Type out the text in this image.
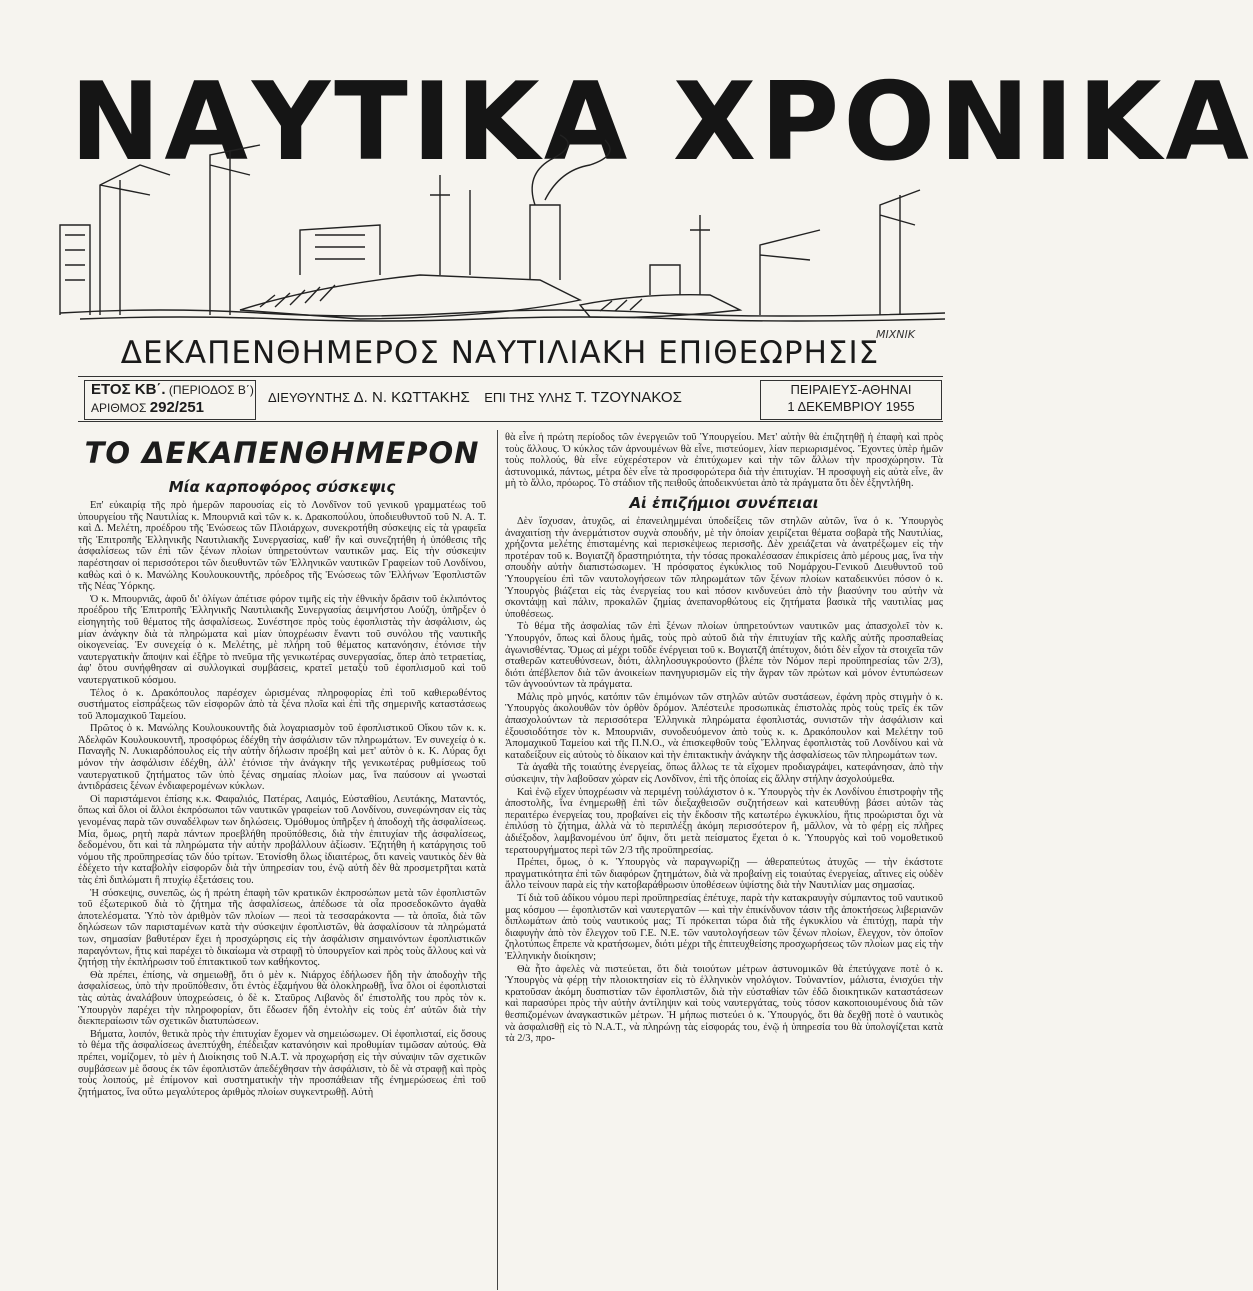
ΝΑΥΤΙΚΑ ΧΡΟΝΙΚΑ
ΜΙΧΝΙΚ
ΔΕΚΑΠΕΝΘΗΜΕΡΟΣ ΝΑΥΤΙΛΙΑΚΗ ΕΠΙΘΕΩΡΗΣΙΣ
ΕΤΟΣ ΚΒ΄. (ΠΕΡΙΟΔΟΣ Β΄)
ΑΡΙΘΜΟΣ 292/251
ΔΙΕΥΘΥΝΤΗΣ Δ. Ν. ΚΩΤΤΑΚΗΣ ΕΠΙ ΤΗΣ ΥΛΗΣ Τ. ΤΖΟΥΝΑΚΟΣ	ΠΕΙΡΑΙΕΥΣ-ΑΘΗΝΑΙ
1 ΔΕΚΕΜΒΡΙΟΥ 1955
ΤΟ ΔΕΚΑΠΕΝΘΗΜΕΡΟΝ
Μία καρποφόρος σύσκεψις

Επ' εὐκαιρίᾳ τῆς πρὸ ἡμερῶν παρουσίας εἰς τὸ Λονδῖνον τοῦ γενικοῦ γραμματέως τοῦ ὑπουργείου τῆς Ναυτιλίας κ. Μπουρνιᾶ καὶ τῶν κ. κ. Δρακοπούλου, ὑποδιευθυντοῦ τοῦ Ν. Α. Τ. καὶ Δ. Μελέτη, προέδρου τῆς Ἑνώσεως τῶν Πλοιάρχων, συνεκροτήθη σύσκεψις εἰς τὰ γραφεῖα τῆς Ἐπιτροπῆς Ἑλληνικῆς Ναυτιλιακῆς Συνεργασίας, καθ' ἣν καὶ συνεζητήθη ἡ ὑπόθεσις τῆς ἀσφαλίσεως τῶν ἐπὶ τῶν ξένων πλοίων ὑπηρετούντων ναυτικῶν μας. Εἰς τὴν σύσκεψιν παρέστησαν οἱ περισσότεροι τῶν διευθυντῶν τῶν Ἑλληνικῶν ναυτικῶν Γραφείων τοῦ Λονδίνου, καθὼς καὶ ὁ κ. Μανώλης Κουλουκουντῆς, πρόεδρος τῆς Ἑνώσεως τῶν Ἑλλήνων Ἐφοπλιστῶν τῆς Νέας Ὑόρκης.

Ὁ κ. Μπουρνιᾶς, ἀφοῦ δι' ὀλίγων ἀπέτισε φόρον τιμῆς εἰς τὴν ἐθνικὴν δρᾶσιν τοῦ ἐκλιπόντος προέδρου τῆς Ἐπιτροπῆς Ἑλληνικῆς Ναυτιλιακῆς Συνεργασίας ἀειμνήστου Λούζη, ὑπῆρξεν ὁ εἰσηγητὴς τοῦ θέματος τῆς ἀσφαλίσεως. Συνέστησε πρὸς τοὺς ἐφοπλιστὰς τὴν ἀσφάλισιν, ὡς μίαν ἀνάγκην διὰ τὰ πληρώματα καὶ μίαν ὑποχρέωσιν ἔναντι τοῦ συνόλου τῆς ναυτικῆς οἰκογενείας. Ἐν συνεχείᾳ ὁ κ. Μελέτης, μὲ πλήρη τοῦ θέματος κατανόησιν, ἐτόνισε τὴν ναυτεργατικὴν ἄποψιν καὶ ἐξῆρε τὸ πνεῦμα τῆς γενικωτέρας συνεργασίας, ὅπερ ἀπὸ τετραετίας, ἀφ' ὅτου συνήφθησαν αἱ συλλογικαὶ συμβάσεις, κρατεῖ μεταξὺ τοῦ ἐφοπλισμοῦ καὶ τοῦ ναυτεργατικοῦ κόσμου.

Τέλος ὁ κ. Δρακόπουλος παρέσχεν ὡρισμένας πληροφορίας ἐπὶ τοῦ καθιερωθέντος συστήματος εἰσπράξεως τῶν εἰσφορῶν ἀπὸ τὰ ξένα πλοῖα καὶ ἐπὶ τῆς σημερινῆς καταστάσεως τοῦ Ἀπομαχικοῦ Ταμείου.

Πρῶτος ὁ κ. Μανώλης Κουλουκουντῆς διὰ λογαριασμὸν τοῦ ἐφοπλιστικοῦ Οἴκου τῶν κ. κ. Ἀδελφῶν Κουλουκουντῆ, προσφόρως ἐδέχθη τὴν ἀσφάλισιν τῶν πληρωμάτων. Ἐν συνεχείᾳ ὁ κ. Παναγῆς Ν. Λυκιαρδόπουλος εἰς τὴν αὐτὴν δήλωσιν προέβη καὶ μετ' αὐτὸν ὁ κ. Κ. Λύρας ὄχι μόνον τὴν ἀσφάλισιν ἐδέχθη, ἀλλ' ἐτόνισε τὴν ἀνάγκην τῆς γενικωτέρας ρυθμίσεως τοῦ ναυτεργατικοῦ ζητήματος τῶν ὑπὸ ξένας σημαίας πλοίων μας, ἵνα παύσουν αἱ γνωσταὶ ἀντιδράσεις ξένων ἐνδιαφερομένων κύκλων.

Οἱ παριστάμενοι ἐπίσης κ.κ. Φαφαλιός, Πατέρας, Λαιμός, Εὐσταθίου, Λευτάκης, Ματαντός, ὅπως καὶ ὅλοι οἱ ἄλλοι ἐκπρόσωποι τῶν ναυτικῶν γραφείων τοῦ Λονδίνου, συνεφώνησαν εἰς τὰς γενομένας παρὰ τῶν συναδέλφων των δηλώσεις. Ὁμόθυμος ὑπῆρξεν ἡ ἀποδοχὴ τῆς ἀσφαλίσεως. Μία, ὅμως, ρητὴ παρὰ πάντων προεβλήθη προϋπόθεσις, διὰ τὴν ἐπιτυχίαν τῆς ἀσφαλίσεως, δεδομένου, ὅτι καὶ τὰ πληρώματα τὴν αὐτὴν προβάλλουν ἀξίωσιν. Ἐζητήθη ἡ κατάργησις τοῦ νόμου τῆς προϋπηρεσίας τῶν δύο τρίτων. Ἐτονίσθη ὅλως ἰδιαιτέρως, ὅτι κανεὶς ναυτικὸς δὲν θὰ ἐδέχετο τὴν καταβολὴν εἰσφορῶν διὰ τὴν ὑπηρεσίαν του, ἐνῷ αὐτὴ δὲν θὰ προσμετρῆται κατὰ τὰς ἐπὶ διπλώματι ἢ πτυχίῳ ἐξετάσεις του.

Ἡ σύσκεψις, συνεπῶς, ὡς ἡ πρώτη ἐπαφὴ τῶν κρατικῶν ἐκπροσώπων μετὰ τῶν ἐφοπλιστῶν τοῦ ἐξωτερικοῦ διὰ τὸ ζήτημα τῆς ἀσφαλίσεως, ἀπέδωσε τὰ οἷα προσεδοκῶντο ἀγαθὰ ἀποτελέσματα. Ὑπὸ τὸν ἀριθμὸν τῶν πλοίων — πεοὶ τὰ τεσσαράκοντα — τὰ ὁποῖα, διὰ τῶν δηλώσεων τῶν παρισταμένων κατὰ τὴν σύσκεψιν ἐφοπλιστῶν, θὰ ἀσφαλίσουν τὰ πληρώματά των, σημασίαν βαθυτέραν ἔχει ἡ προσχώρησις εἰς τὴν ἀσφάλισιν σημαινόντων ἐφοπλιστικῶν παραγόντων, ἥτις καὶ παρέχει τὸ δικαίωμα νὰ στραφῇ τὸ ὑπουργεῖον καὶ πρὸς τοὺς ἄλλους καὶ νὰ ζητήσῃ τὴν ἐκπλήρωσιν τοῦ ἐπιτακτικοῦ των καθήκοντος.

Θὰ πρέπει, ἐπίσης, νὰ σημειωθῇ, ὅτι ὁ μὲν κ. Νιάρχος ἐδήλωσεν ἤδη τὴν ἀποδοχὴν τῆς ἀσφαλίσεως, ὑπὸ τὴν προϋπόθεσιν, ὅτι ἐντὸς ἑξαμήνου θὰ ὁλοκληρωθῇ, ἵνα ὅλοι οἱ ἐφοπλισταὶ τὰς αὐτὰς ἀναλάβουν ὑποχρεώσεις, ὁ δὲ κ. Σταῦρος Λιβανὸς δι' ἐπιστολῆς του πρὸς τὸν κ. Ὑπουργὸν παρέχει τὴν πληροφορίαν, ὅτι ἔδωσεν ἤδη ἐντολὴν εἰς τοὺς ἐπ' αὐτῶν διὰ τὴν διεκπεραίωσιν τῶν σχετικῶν διατυπώσεων.

Βήματα, λοιπόν, θετικὰ πρὸς τὴν ἐπιτυχίαν ἔχομεν νὰ σημειώσωμεν. Οἱ ἐφοπλισταί, εἰς ὅσους τὸ θέμα τῆς ἀσφαλίσεως ἀνεπτύχθη, ἐπέδειξαν κατανόησιν καὶ προθυμίαν τιμῶσαν αὐτούς. Θὰ πρέπει, νομίζομεν, τὸ μὲν ἡ Διοίκησις τοῦ Ν.Α.Τ. νὰ προχωρήσῃ εἰς τὴν σύναψιν τῶν σχετικῶν συμβάσεων μὲ ὅσους ἐκ τῶν ἐφοπλιστῶν ἀπεδέχθησαν τὴν ἀσφάλισιν, τὸ δὲ νὰ στραφῇ καὶ πρὸς τοὺς λοιπούς, μὲ ἐπίμονον καὶ συστηματικὴν τὴν προσπάθειαν τῆς ἐνημερώσεως ἐπὶ τοῦ ζητήματος, ἵνα οὕτω μεγαλύτερος ἀριθμὸς πλοίων συγκεντρωθῇ. Αὐτὴ

θὰ εἶνε ἡ πρώτη περίοδος τῶν ἐνεργειῶν τοῦ Ὑπουργείου. Μετ' αὐτὴν θὰ ἐπιζητηθῇ ἡ ἐπαφὴ καὶ πρὸς τοὺς ἄλλους. Ὁ κύκλος τῶν ἀρνουμένων θὰ εἶνε, πιστεύομεν, λίαν περιωρισμένος. Ἔχοντες ὑπὲρ ἡμῶν τοὺς πολλούς, θὰ εἶνε εὐχερέστερον νὰ ἐπιτύχωμεν καὶ τὴν τῶν ἄλλων τὴν προσχώρησιν. Τὰ ἀστυνομικά, πάντως, μέτρα δὲν εἶνε τὰ προσφορώτερα διὰ τὴν ἐπιτυχίαν. Ἡ προσφυγὴ εἰς αὐτὰ εἶνε, ἂν μὴ τὸ ἄλλο, πρόωρος. Τὸ στάδιον τῆς πειθοῦς ἀποδεικνύεται ἀπὸ τὰ πράγματα ὅτι δὲν ἐξηντλήθη.

Αἱ ἐπιζήμιοι συνέπειαι

Δὲν ἴσχυσαν, ἀτυχῶς, αἱ ἐπανειλημμέναι ὑποδείξεις τῶν στηλῶν αὐτῶν, ἵνα ὁ κ. Ὑπουργὸς ἀναχαιτίσῃ τὴν ἀνερμάτιστον συχνὰ σπουδήν, μὲ τὴν ὁποίαν χειρίζεται θέματα σοβαρὰ τῆς Ναυτιλίας, χρήζοντα μελέτης ἐπισταμένης καὶ περισκέψεως περισσῆς. Δὲν χρειάζεται νὰ ἀνατρέξωμεν εἰς τὴν προτέραν τοῦ κ. Βογιατζῆ δραστηριότητα, τὴν τόσας προκαλέσασαν ἐπικρίσεις ἀπὸ μέρους μας, ἵνα τὴν σπουδὴν αὐτὴν διαπιστώσωμεν. Ἡ πρόσφατος ἐγκύκλιος τοῦ Νομάρχου-Γενικοῦ Διευθυντοῦ τοῦ Ὑπουργείου ἐπὶ τῶν ναυτολογήσεων τῶν πληρωμάτων τῶν ξένων πλοίων καταδεικνύει πόσον ὁ κ. Ὑπουργὸς βιάζεται εἰς τὰς ἐνεργείας του καὶ πόσον κινδυνεύει ἀπὸ τὴν βιασύνην του αὐτὴν νὰ σκοντάψῃ καὶ πάλιν, προκαλῶν ζημίας ἀνεπανορθώτους εἰς ζητήματα βασικὰ τῆς ναυτιλίας μας ὑποθέσεως.

Τὸ θέμα τῆς ἀσφαλίας τῶν ἐπὶ ξένων πλοίων ὑπηρετούντων ναυτικῶν μας ἀπασχολεῖ τὸν κ. Ὑπουργόν, ὅπως καὶ ὅλους ἡμᾶς, τοὺς πρὸ αὐτοῦ διὰ τὴν ἐπιτυχίαν τῆς καλῆς αὐτῆς προσπαθείας ἀγωνισθέντας. Ὅμως αἱ μέχρι τοῦδε ἐνέργειαι τοῦ κ. Βογιατζῆ ἀπέτυχον, διότι δὲν εἶχον τὰ στοιχεῖα τῶν σταθερῶν κατευθύνσεων, διότι, ἀλληλοσυγκρούοντο (βλέπε τὸν Νόμον περὶ προϋπηρεσίας τῶν 2/3), διότι ἀπέβλεπον διὰ τῶν ἀνοικείων πανηγυρισμῶν εἰς τὴν ἄγραν τῶν πρώτων καὶ μόνον ἐντυπώσεων τῶν ἀγνοούντων τὰ πράγματα.

Μάλις πρὸ μηνός, κατόπιν τῶν ἐπιμόνων τῶν στηλῶν αὐτῶν συστάσεων, ἐφάνη πρὸς στιγμὴν ὁ κ. Ὑπουργὸς ἀκολουθῶν τὸν ὀρθὸν δρόμον. Ἀπέστειλε προσωπικὰς ἐπιστολὰς πρὸς τοὺς τρεῖς ἐκ τῶν ἀπασχολούντων τὰ περισσότερα Ἑλληνικὰ πληρώματα ἐφοπλιστάς, συνιστῶν τὴν ἀσφάλισιν καὶ ἐξουσιοδότησε τὸν κ. Μπουρνιᾶν, συνοδευόμενον ἀπὸ τοὺς κ. κ. Δρακόπουλον καὶ Μελέτην τοῦ Ἀπομαχικοῦ Ταμείου καὶ τῆς Π.Ν.Ο., νὰ ἐπισκεφθοῦν τοὺς Ἕλληνας ἐφοπλιστὰς τοῦ Λονδίνου καὶ νὰ καταδείξουν εἰς αὐτοὺς τὸ δίκαιον καὶ τὴν ἐπιτακτικὴν ἀνάγκην τῆς ἀσφαλίσεως τῶν πληρωμάτων των.

Τὰ ἀγαθὰ τῆς τοιαύτης ἐνεργείας, ὅπως ἄλλως τε τὰ εἴχομεν προδιαγράψει, κατεφάνησαν, ἀπὸ τὴν σύσκεψιν, τὴν λαβοῦσαν χώραν εἰς Λονδῖνον, ἐπὶ τῆς ὁποίας εἰς ἄλλην στήλην ἀσχολούμεθα.

Καὶ ἐνῷ εἴχεν ὑποχρέωσιν νὰ περιμένῃ τοὐλάχιστον ὁ κ. Ὑπουργὸς τὴν ἐκ Λονδίνου ἐπιστροφὴν τῆς ἀποστολῆς, ἵνα ἐνημερωθῇ ἐπὶ τῶν διεξαχθεισῶν συζητήσεων καὶ κατευθύνῃ βάσει αὐτῶν τὰς περαιτέρω ἐνεργείας του, προβαίνει εἰς τὴν ἔκδοσιν τῆς κατωτέρω ἐγκυκλίου, ἥτις προώρισται ὄχι νὰ ἐπιλύσῃ τὸ ζήτημα, ἀλλὰ νὰ τὸ περιπλέξῃ ἀκόμη περισσότερον ἢ, μᾶλλον, νὰ τὸ φέρῃ εἰς πλῆρες ἀδιέξοδον, λαμβανομένου ὑπ' ὄψιν, ὅτι μετὰ πείσματος ἔχεται ὁ κ. Ὑπουργὸς καὶ τοῦ νομοθετικοῦ τερατουργήματος περὶ τῶν 2/3 τῆς προϋπηρεσίας.

Πρέπει, ὅμως, ὁ κ. Ὑπουργὸς νὰ παραγνωρίζῃ — ἀθεραπεύτως ἀτυχῶς — τὴν ἑκάστοτε πραγματικότητα ἐπὶ τῶν διαφόρων ζητημάτων, διὰ νὰ προβαίνῃ εἰς τοιαύτας ἐνεργείας, αἵτινες εἰς οὐδὲν ἄλλο τείνουν παρὰ εἰς τὴν κατοβαράθρωσιν ὑποθέσεων ὑψίστης διὰ τὴν Ναυτιλίαν μας σημασίας.

Τί διὰ τοῦ ἀδίκου νόμου περὶ προϋπηρεσίας ἐπέτυχε, παρὰ τὴν κατακραυγὴν σύμπαντος τοῦ ναυτικοῦ μας κόσμου — ἐφοπλιστῶν καὶ ναυτεργατῶν — καὶ τὴν ἐπικίνδυνον τάσιν τῆς ἀποκτήσεως λιβεριανῶν διπλωμάτων ἀπὸ τοὺς ναυτικούς μας; Τί πρόκειται τώρα διὰ τῆς ἐγκυκλίου νὰ ἐπιτύχῃ, παρὰ τὴν διαφυγὴν ἀπὸ τὸν ἔλεγχον τοῦ Γ.Ε. Ν.Ε. τῶν ναυτολογήσεων τῶν ξένων πλοίων, ἔλεγχον, τὸν ὁποῖον ζηλοτύπως ἔπρεπε νὰ κρατήσωμεν, διότι μέχρι τῆς ἐπιτευχθείσης προσχωρήσεως τῶν πλοίων μας εἰς τὴν Ἑλληνικὴν διοίκησιν;

Θὰ ἦτο ἀφελὲς νὰ πιστεύεται, ὅτι διὰ τοιούτων μέτρων ἀστυνομικῶν θὰ ἐπετύγχανε ποτὲ ὁ κ. Ὑπουργὸς νὰ φέρῃ τὴν πλοιοκτησίαν εἰς τὸ ἑλληνικὸν νηολόγιον. Τοὐναντίον, μάλιστα, ἐνισχύει τὴν κρατοῦσαν ἀκόμη δυσπιστίαν τῶν ἐφοπλιστῶν, διὰ τὴν εὐσταθίαν τῶν ἐδῶ διοικητικῶν καταστάσεων καὶ παρασύρει πρὸς τὴν αὐτὴν ἀντίληψιν καὶ τοὺς ναυτεργάτας, τοὺς τόσον κακοποιουμένους διὰ τῶν θεσπιζομένων ἀναγκαστικῶν μέτρων. Ἡ μήπως πιστεύει ὁ κ. Ὑπουργός, ὅτι θὰ δεχθῇ ποτὲ ὁ ναυτικὸς νὰ ἀσφαλισθῇ εἰς τὸ Ν.Α.Τ., νὰ πληρώνῃ τὰς εἰσφοράς του, ἐνῷ ἡ ὑπηρεσία του θὰ ὑπολογίζεται κατὰ τὰ 2/3, προ-
